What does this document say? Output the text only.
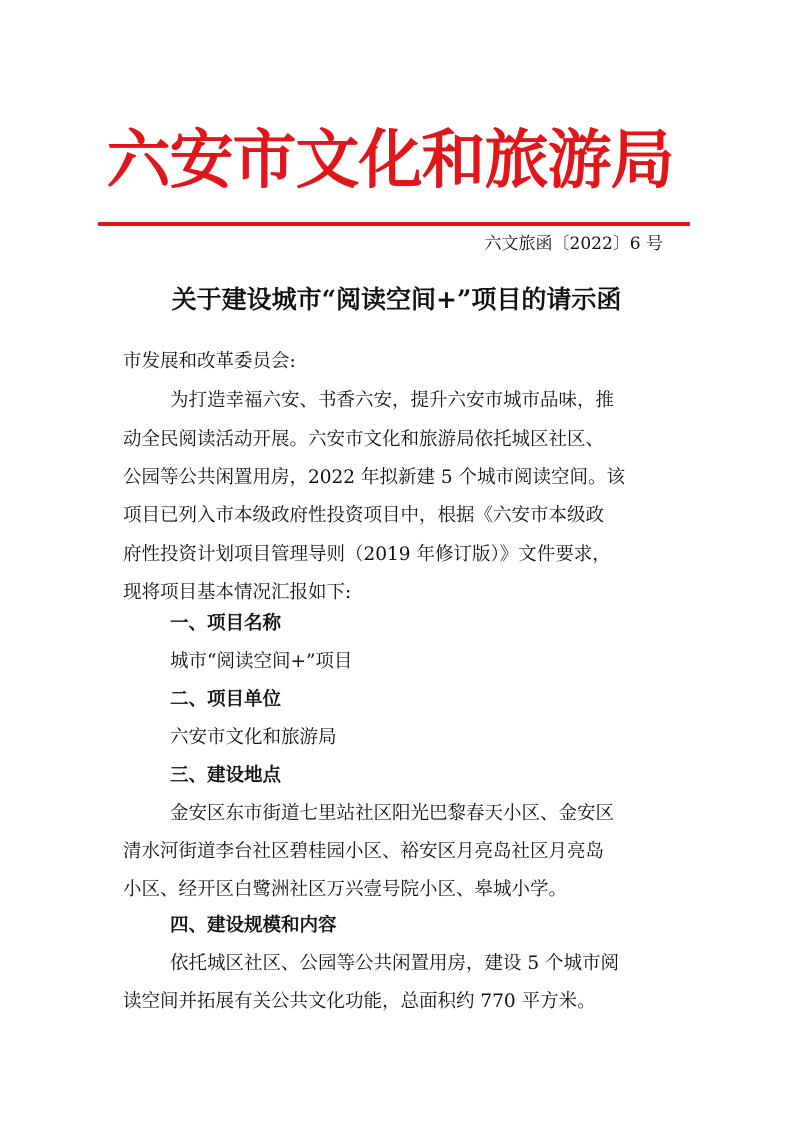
六安市文化和旅游局
六文旅函〔2022〕6 号
关于建设城市“阅读空间+”项目的请示函
市发展和改革委员会:
为打造幸福六安、书香六安，提升六安市城市品味，推
动全民阅读活动开展。六安市文化和旅游局依托城区社区、
公园等公共闲置用房，2022 年拟新建 5 个城市阅读空间。该
项目已列入市本级政府性投资项目中，根据《六安市本级政
府性投资计划项目管理导则（2019 年修订版）》文件要求，
现将项目基本情况汇报如下:
一、项目名称
城市“阅读空间+”项目
二、项目单位
六安市文化和旅游局
三、建设地点
金安区东市街道七里站社区阳光巴黎春天小区、金安区
清水河街道李台社区碧桂园小区、裕安区月亮岛社区月亮岛
小区、经开区白鹭洲社区万兴壹号院小区、皋城小学。
四、建设规模和内容
依托城区社区、公园等公共闲置用房，建设 5 个城市阅
读空间并拓展有关公共文化功能，总面积约 770 平方米。
